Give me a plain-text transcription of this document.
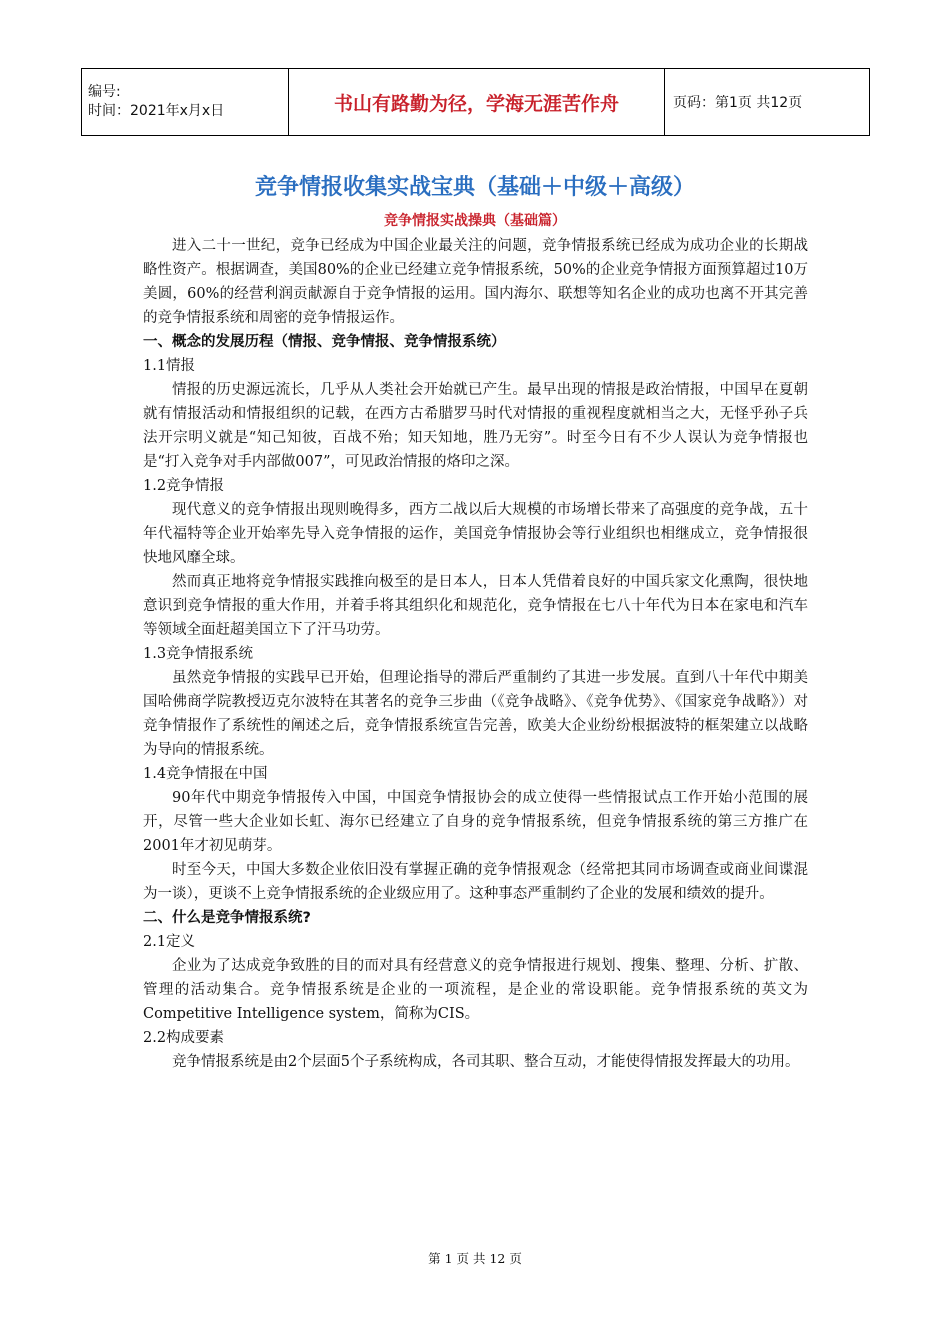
编号:
时间：2021年x月x日	书山有路勤为径，学海无涯苦作舟	页码：第1页 共12页
竞争情报收集实战宝典（基础＋中级＋高级）
竞争情报实战操典（基础篇）

进入二十一世纪，竞争已经成为中国企业最关注的问题，竞争情报系统已经成为成功企业的长期战略性资产。根据调查，美国80%的企业已经建立竞争情报系统，50%的企业竞争情报方面预算超过10万美圆，60%的经营利润贡献源自于竞争情报的运用。国内海尔、联想等知名企业的成功也离不开其完善的竞争情报系统和周密的竞争情报运作。

一、概念的发展历程（情报、竞争情报、竞争情报系统）

1.1情报

情报的历史源远流长，几乎从人类社会开始就已产生。最早出现的情报是政治情报，中国早在夏朝就有情报活动和情报组织的记载，在西方古希腊罗马时代对情报的重视程度就相当之大，无怪乎孙子兵法开宗明义就是“知己知彼，百战不殆；知天知地，胜乃无穷”。时至今日有不少人误认为竞争情报也是“打入竞争对手内部做007”，可见政治情报的烙印之深。

1.2竞争情报

现代意义的竞争情报出现则晚得多，西方二战以后大规模的市场增长带来了高强度的竞争战，五十年代福特等企业开始率先导入竞争情报的运作，美国竞争情报协会等行业组织也相继成立，竞争情报很快地风靡全球。

然而真正地将竞争情报实践推向极至的是日本人，日本人凭借着良好的中国兵家文化熏陶，很快地意识到竞争情报的重大作用，并着手将其组织化和规范化，竞争情报在七八十年代为日本在家电和汽车等领域全面赶超美国立下了汗马功劳。

1.3竞争情报系统

虽然竞争情报的实践早已开始，但理论指导的滞后严重制约了其进一步发展。直到八十年代中期美国哈佛商学院教授迈克尔波特在其著名的竞争三步曲（《竞争战略》、《竞争优势》、《国家竞争战略》）对竞争情报作了系统性的阐述之后，竞争情报系统宣告完善，欧美大企业纷纷根据波特的框架建立以战略为导向的情报系统。

1.4竞争情报在中国

90年代中期竞争情报传入中国，中国竞争情报协会的成立使得一些情报试点工作开始小范围的展开，尽管一些大企业如长虹、海尔已经建立了自身的竞争情报系统，但竞争情报系统的第三方推广在2001年才初见萌芽。

时至今天，中国大多数企业依旧没有掌握正确的竞争情报观念（经常把其同市场调查或商业间谍混为一谈），更谈不上竞争情报系统的企业级应用了。这种事态严重制约了企业的发展和绩效的提升。

二、什么是竞争情报系统?

2.1定义

企业为了达成竞争致胜的目的而对具有经营意义的竞争情报进行规划、搜集、整理、分析、扩散、管理的活动集合。竞争情报系统是企业的一项流程，是企业的常设职能。竞争情报系统的英文为Competitive Intelligence system，简称为CIS。

2.2构成要素

竞争情报系统是由2个层面5个子系统构成，各司其职、整合互动，才能使得情报发挥最大的功用。

第 1 页 共 12 页
